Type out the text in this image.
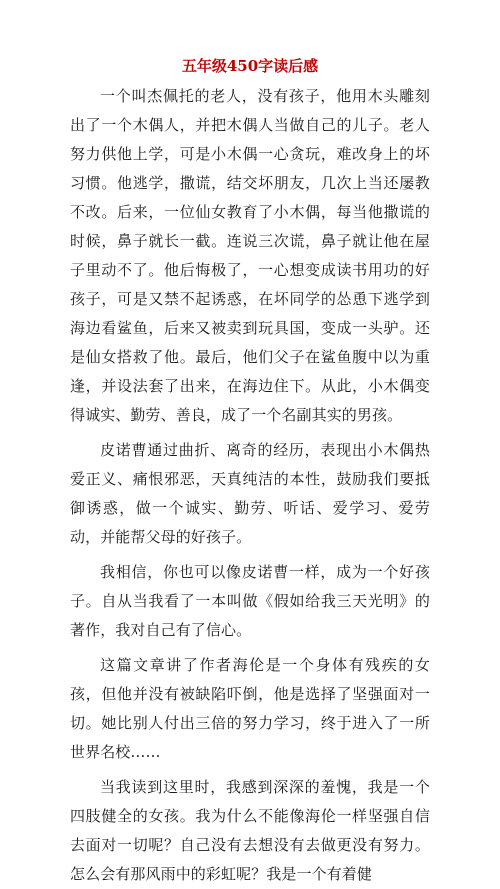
五年级450字读后感

一个叫杰佩托的老人，没有孩子，他用木头雕刻出了一个木偶人，并把木偶人当做自己的儿子。老人努力供他上学，可是小木偶一心贪玩，难改身上的坏习惯。他逃学，撒谎，结交坏朋友，几次上当还屡教不改。后来，一位仙女教育了小木偶，每当他撒谎的时候，鼻子就长一截。连说三次谎，鼻子就让他在屋子里动不了。他后悔极了，一心想变成读书用功的好孩子，可是又禁不起诱惑，在坏同学的怂恿下逃学到海边看鲨鱼，后来又被卖到玩具国，变成一头驴。还是仙女搭救了他。最后，他们父子在鲨鱼腹中以为重逢，并设法套了出来，在海边住下。从此，小木偶变得诚实、勤劳、善良，成了一个名副其实的男孩。

皮诺曹通过曲折、离奇的经历，表现出小木偶热爱正义、痛恨邪恶，天真纯洁的本性，鼓励我们要抵御诱惑，做一个诚实、勤劳、听话、爱学习、爱劳动，并能帮父母的好孩子。

我相信，你也可以像皮诺曹一样，成为一个好孩子。自从当我看了一本叫做《假如给我三天光明》的著作，我对自己有了信心。

这篇文章讲了作者海伦是一个身体有残疾的女孩，但他并没有被缺陷吓倒，他是选择了坚强面对一切。她比别人付出三倍的努力学习，终于进入了一所世界名校……

当我读到这里时，我感到深深的羞愧，我是一个四肢健全的女孩。我为什么不能像海伦一样坚强自信去面对一切呢？自己没有去想没有去做更没有努力。怎么会有那风雨中的彩虹呢？我是一个有着健
